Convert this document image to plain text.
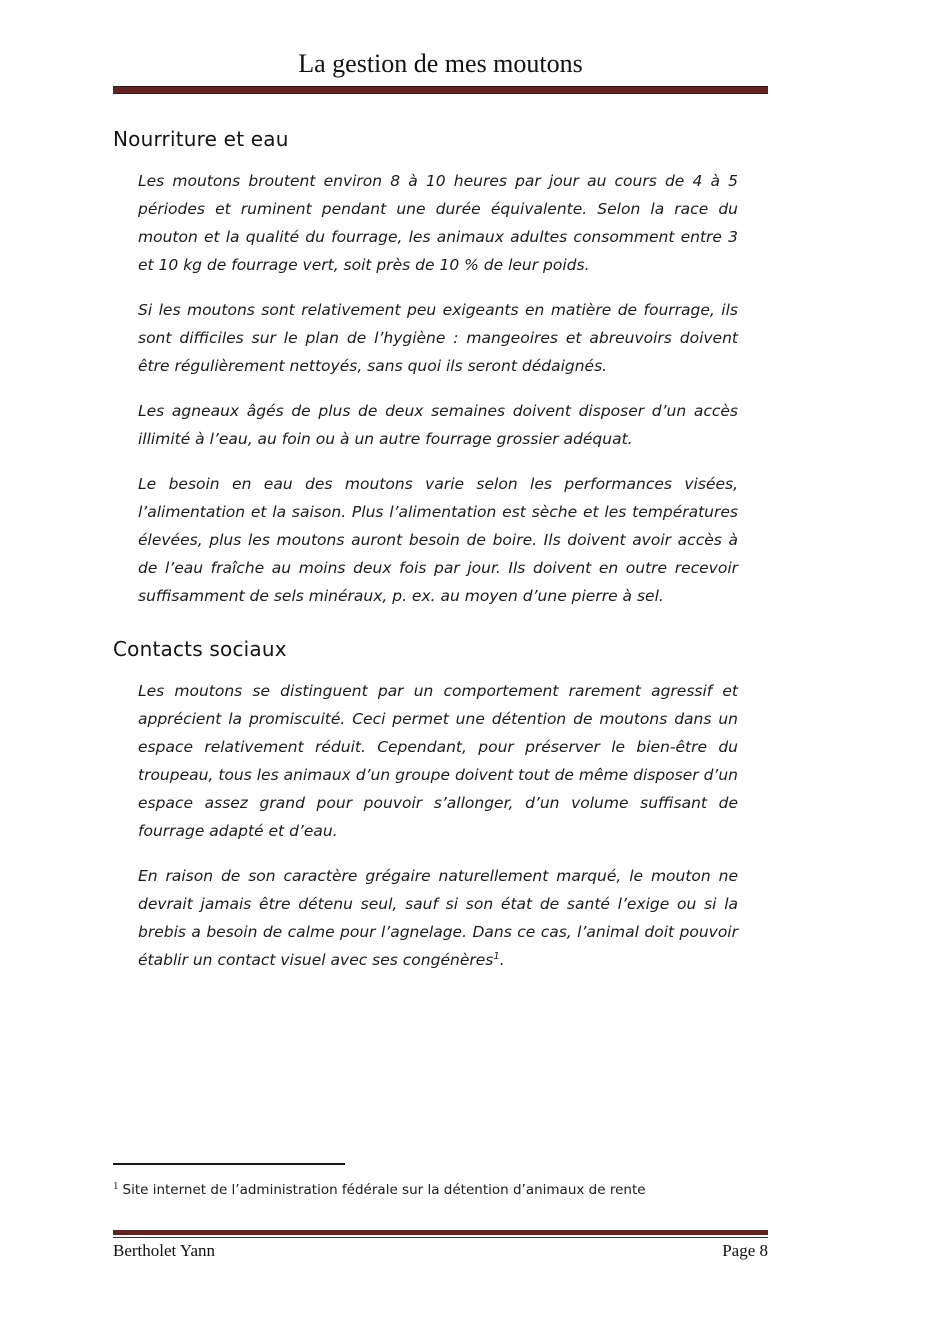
La gestion de mes moutons
Nourriture et eau

Les moutons broutent environ 8 à 10 heures par jour au cours de 4 à 5 périodes et ruminent pendant une durée équivalente. Selon la race du mouton et la qualité du fourrage, les animaux adultes consomment entre 3 et 10 kg de fourrage vert, soit près de 10 % de leur poids.

Si les moutons sont relativement peu exigeants en matière de fourrage, ils sont difficiles sur le plan de l’hygiène : mangeoires et abreuvoirs doivent être régulièrement nettoyés, sans quoi ils seront dédaignés.

Les agneaux âgés de plus de deux semaines doivent disposer d’un accès illimité à l’eau, au foin ou à un autre fourrage grossier adéquat.

Le besoin en eau des moutons varie selon les performances visées, l’alimentation et la saison. Plus l’alimentation est sèche et les températures élevées, plus les moutons auront besoin de boire. Ils doivent avoir accès à de l’eau fraîche au moins deux fois par jour. Ils doivent en outre recevoir suffisamment de sels minéraux, p. ex. au moyen d’une pierre à sel.

Contacts sociaux

Les moutons se distinguent par un comportement rarement agressif et apprécient la promiscuité. Ceci permet une détention de moutons dans un espace relativement réduit. Cependant, pour préserver le bien-être du troupeau, tous les animaux d’un groupe doivent tout de même disposer d’un espace assez grand pour pouvoir s’allonger, d’un volume suffisant de fourrage adapté et d’eau.

En raison de son caractère grégaire naturellement marqué, le mouton ne devrait jamais être détenu seul, sauf si son état de santé l’exige ou si la brebis a besoin de calme pour l’agnelage. Dans ce cas, l’animal doit pouvoir établir un contact visuel avec ses congénères$^1$.

$^1$ Site internet de l’administration fédérale sur la détention d’animaux de rente
Bertholet Yann	Page 8
